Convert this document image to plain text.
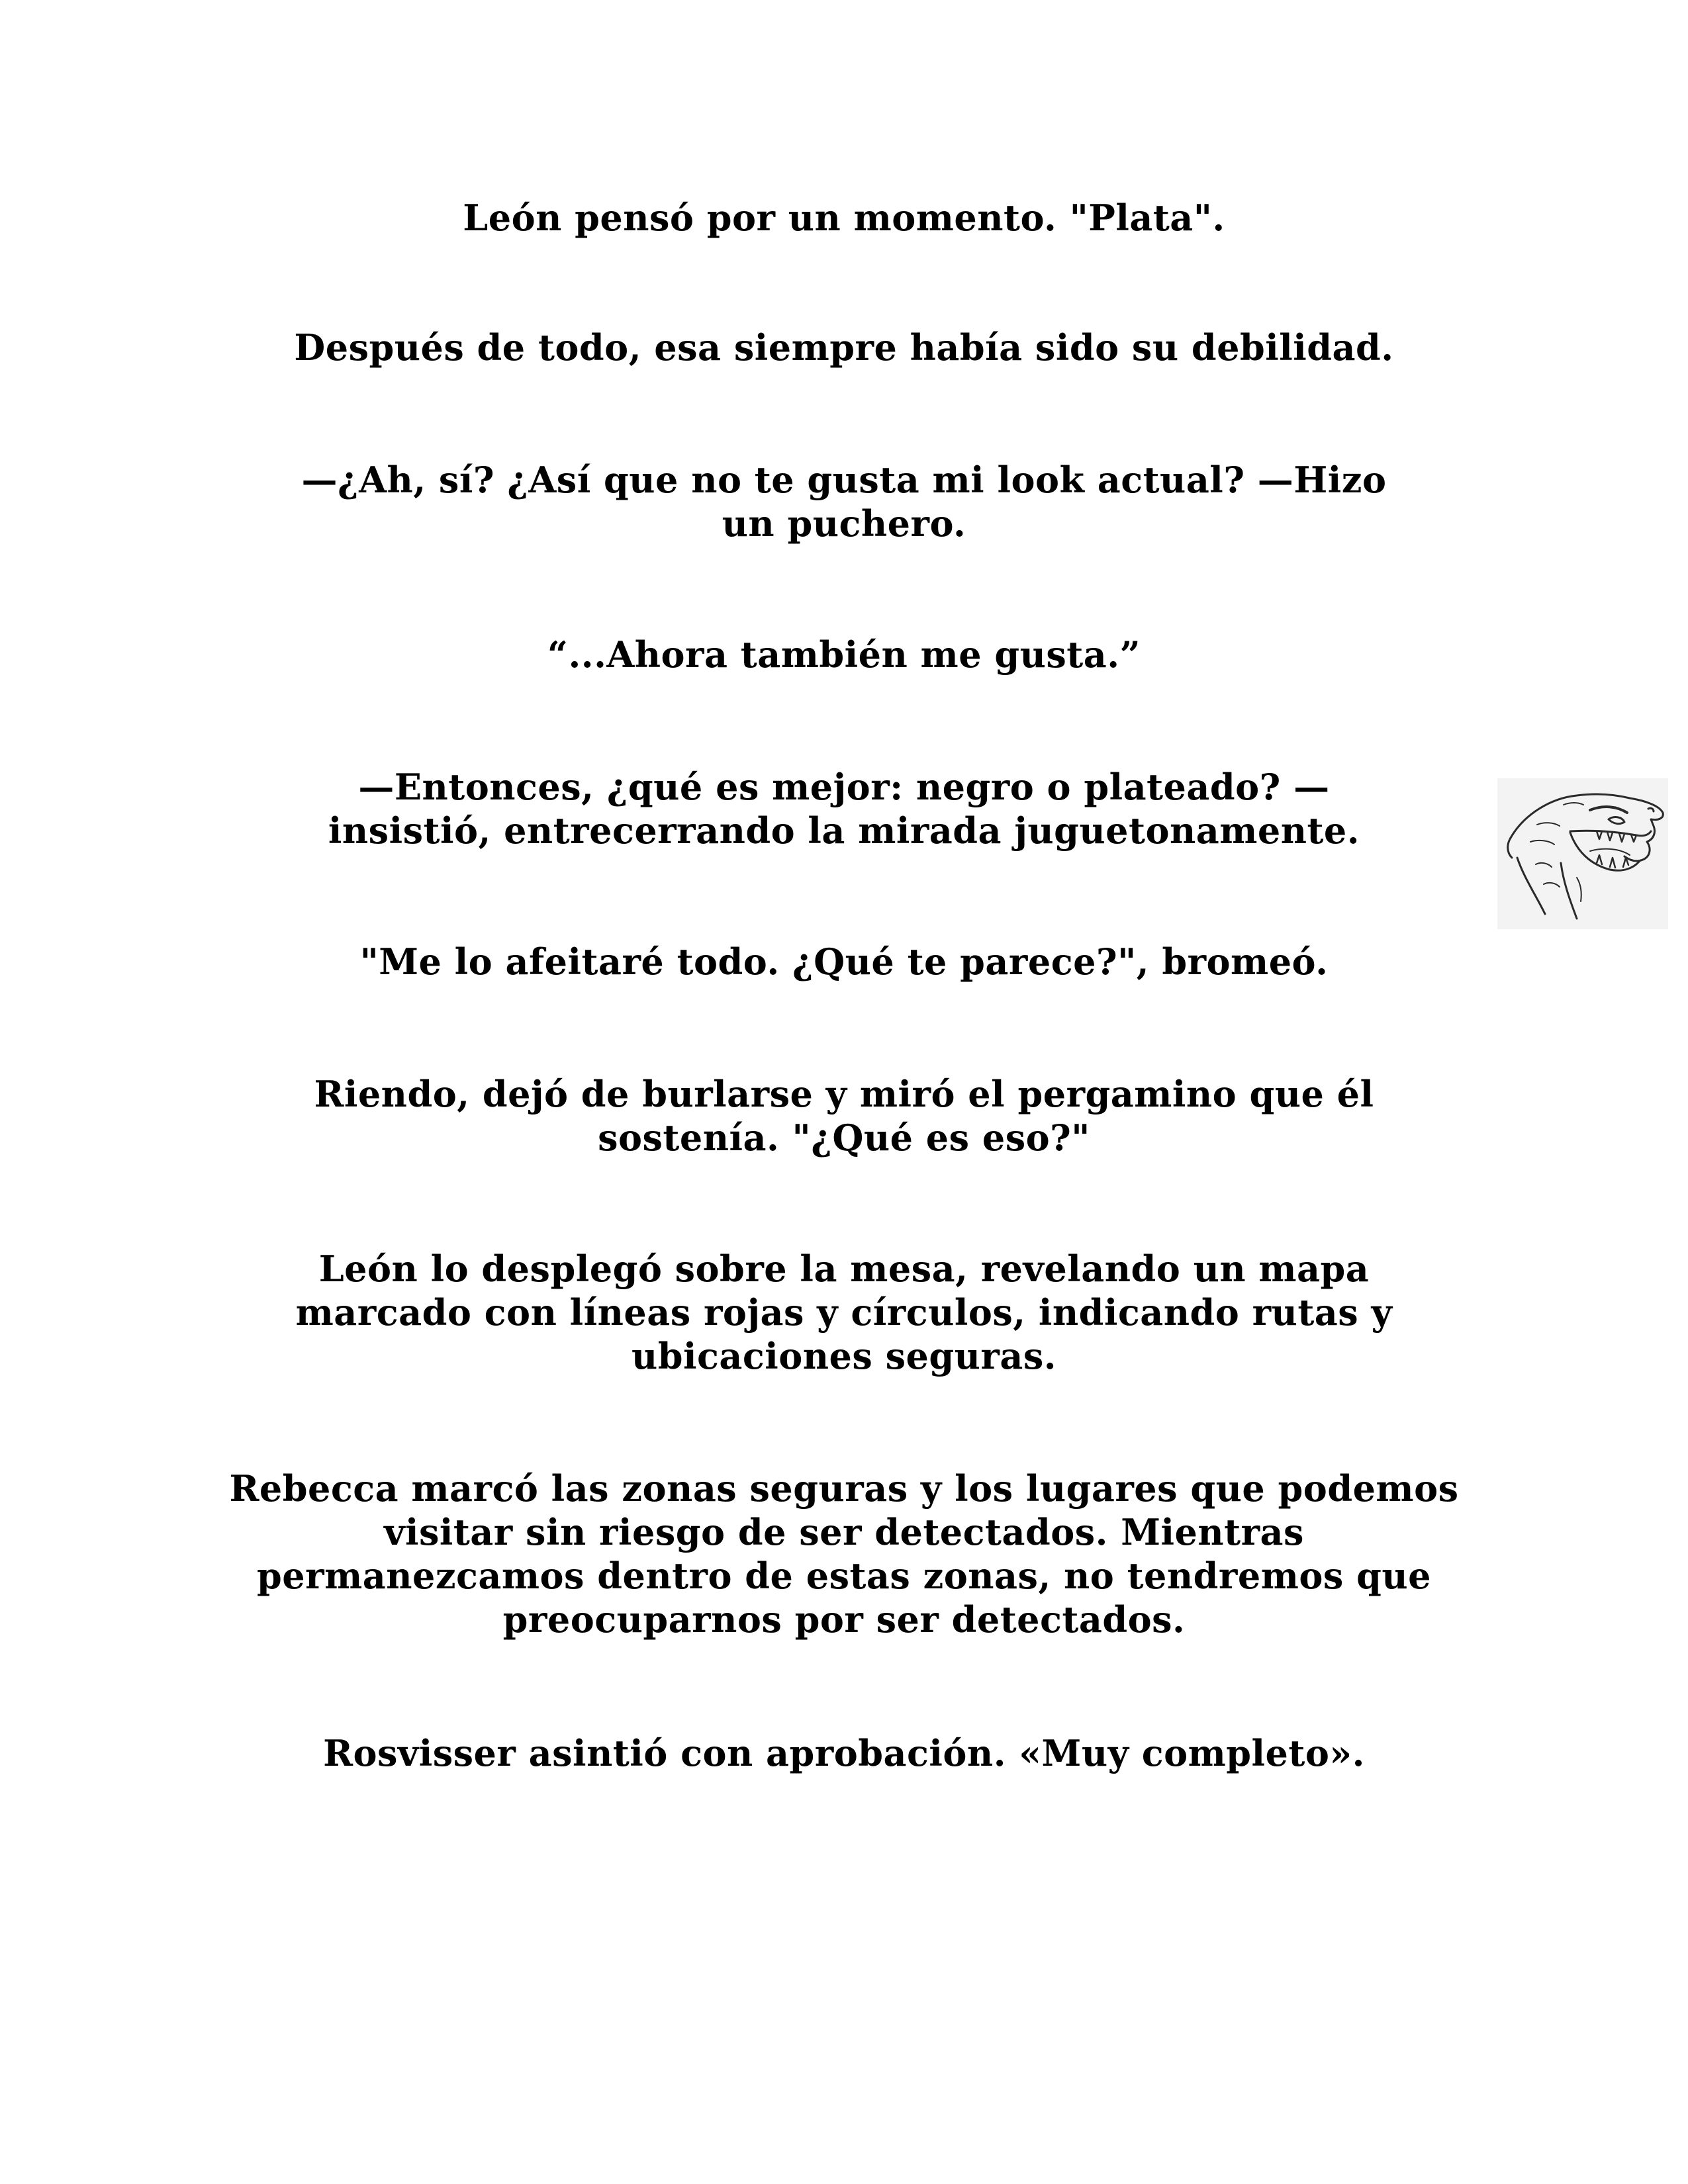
León pensó por un momento. "Plata".

Después de todo, esa siempre había sido su debilidad.

—¿Ah, sí? ¿Así que no te gusta mi look actual? —Hizo un puchero.

“...Ahora también me gusta.”

—Entonces, ¿qué es mejor: negro o plateado? —insistió, entrecerrando la mirada juguetonamente.

"Me lo afeitaré todo. ¿Qué te parece?", bromeó.

Riendo, dejó de burlarse y miró el pergamino que él sostenía. "¿Qué es eso?"

León lo desplegó sobre la mesa, revelando un mapa marcado con líneas rojas y círculos, indicando rutas y ubicaciones seguras.

Rebecca marcó las zonas seguras y los lugares que podemos visitar sin riesgo de ser detectados. Mientras permanezcamos dentro de estas zonas, no tendremos que preocuparnos por ser detectados.

Rosvisser asintió con aprobación. «Muy completo».
